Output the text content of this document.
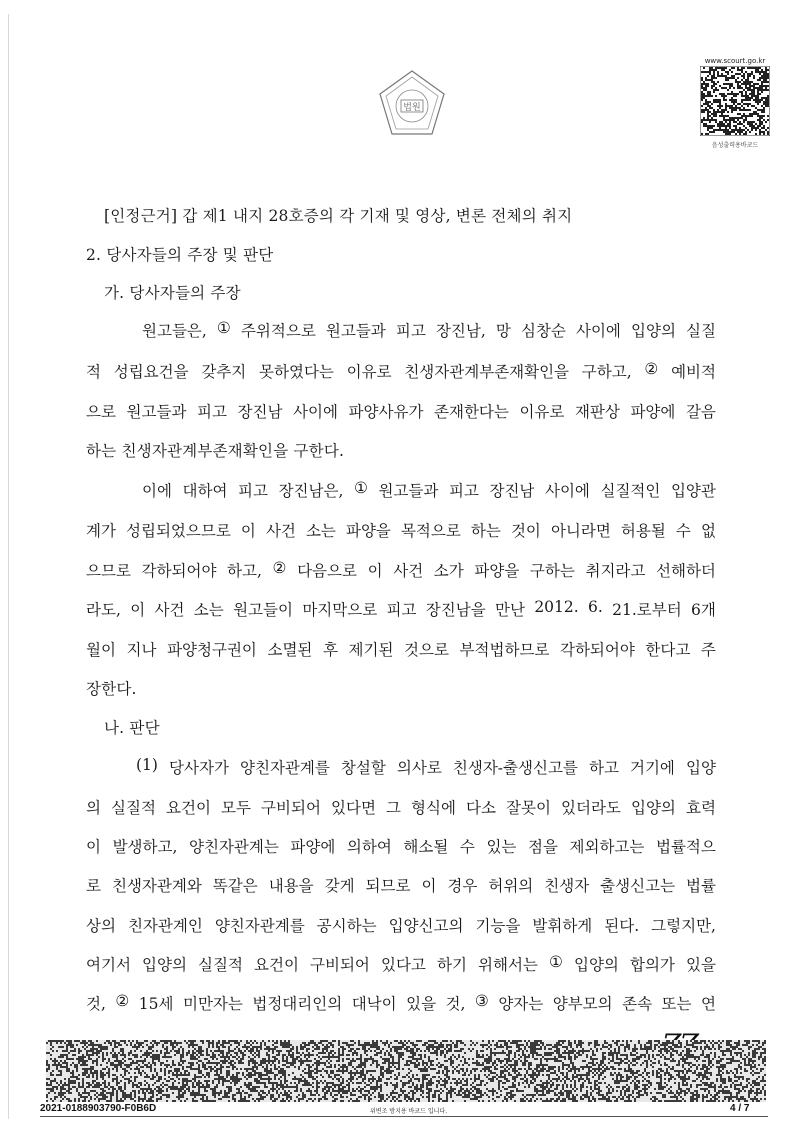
법원
www.scourt.go.kr
음성출력용바코드
[인정근거] 갑 제1 내지 28호증의 각 기재 및 영상, 변론 전체의 취지
2. 당사자들의 주장 및 판단
가. 당사자들의 주장
원고들은, ① 주위적으로 원고들과 피고 장진남, 망 심창순 사이에 입양의 실질
적 성립요건을 갖추지 못하였다는 이유로 친생자관계부존재확인을 구하고, ② 예비적
으로 원고들과 피고 장진남 사이에 파양사유가 존재한다는 이유로 재판상 파양에 갈음
하는 친생자관계부존재확인을 구한다.
이에 대하여 피고 장진남은, ① 원고들과 피고 장진남 사이에 실질적인 입양관
계가 성립되었으므로 이 사건 소는 파양을 목적으로 하는 것이 아니라면 허용될 수 없
으므로 각하되어야 하고, ② 다음으로 이 사건 소가 파양을 구하는 취지라고 선해하더
라도, 이 사건 소는 원고들이 마지막으로 피고 장진남을 만난 2012. 6. 21.로부터 6개
월이 지나 파양청구권이 소멸된 후 제기된 것으로 부적법하므로 각하되어야 한다고 주
장한다.
나. 판단
(1) 당사자가 양친자관계를 창설할 의사로 친생자-출생신고를 하고 거기에 입양
의 실질적 요건이 모두 구비되어 있다면 그 형식에 다소 잘못이 있더라도 입양의 효력
이 발생하고, 양친자관계는 파양에 의하여 해소될 수 있는 점을 제외하고는 법률적으
로 친생자관계와 똑같은 내용을 갖게 되므로 이 경우 허위의 친생자 출생신고는 법률
상의 친자관계인 양친자관계를 공시하는 입양신고의 기능을 발휘하게 된다. 그렇지만,
여기서 입양의 실질적 요건이 구비되어 있다고 하기 위해서는 ① 입양의 합의가 있을
것, ② 15세 미만자는 법정대리인의 대낙이 있을 것, ③ 양자는 양부모의 존속 또는 연
2021-0188903790-F0B6D	위변조 방지용 바코드 입니다.	4 / 7
